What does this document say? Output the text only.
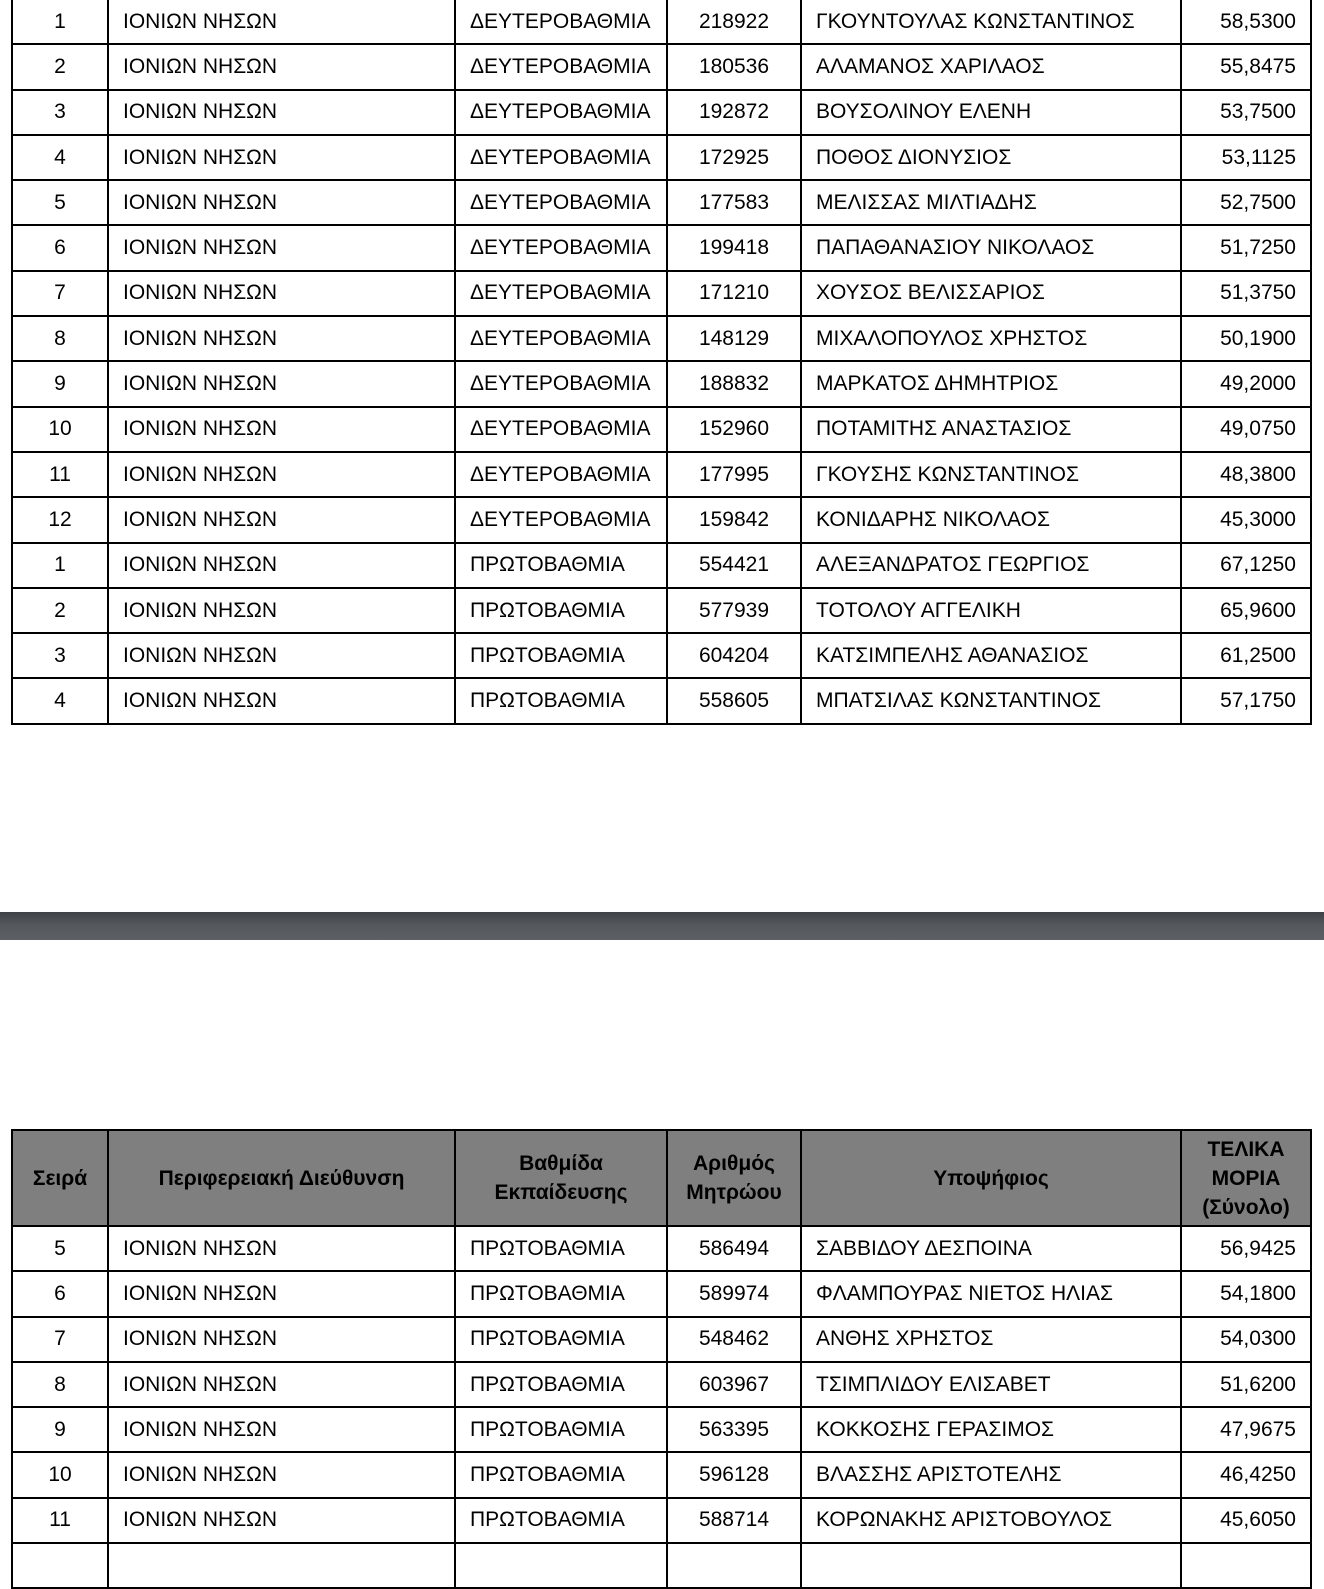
1	ΙΟΝΙΩΝ ΝΗΣΩΝ	ΔΕΥΤΕΡΟΒΑΘΜΙΑ	218922	ΓΚΟΥΝΤΟΥΛΑΣ ΚΩΝΣΤΑΝΤΙΝΟΣ	58,5300
2	ΙΟΝΙΩΝ ΝΗΣΩΝ	ΔΕΥΤΕΡΟΒΑΘΜΙΑ	180536	ΑΛΑΜΑΝΟΣ ΧΑΡΙΛΑΟΣ	55,8475
3	ΙΟΝΙΩΝ ΝΗΣΩΝ	ΔΕΥΤΕΡΟΒΑΘΜΙΑ	192872	ΒΟΥΣΟΛΙΝΟΥ ΕΛΕΝΗ	53,7500
4	ΙΟΝΙΩΝ ΝΗΣΩΝ	ΔΕΥΤΕΡΟΒΑΘΜΙΑ	172925	ΠΟΘΟΣ ΔΙΟΝΥΣΙΟΣ	53,1125
5	ΙΟΝΙΩΝ ΝΗΣΩΝ	ΔΕΥΤΕΡΟΒΑΘΜΙΑ	177583	ΜΕΛΙΣΣΑΣ ΜΙΛΤΙΑΔΗΣ	52,7500
6	ΙΟΝΙΩΝ ΝΗΣΩΝ	ΔΕΥΤΕΡΟΒΑΘΜΙΑ	199418	ΠΑΠΑΘΑΝΑΣΙΟΥ ΝΙΚΟΛΑΟΣ	51,7250
7	ΙΟΝΙΩΝ ΝΗΣΩΝ	ΔΕΥΤΕΡΟΒΑΘΜΙΑ	171210	ΧΟΥΣΟΣ ΒΕΛΙΣΣΑΡΙΟΣ	51,3750
8	ΙΟΝΙΩΝ ΝΗΣΩΝ	ΔΕΥΤΕΡΟΒΑΘΜΙΑ	148129	ΜΙΧΑΛΟΠΟΥΛΟΣ ΧΡΗΣΤΟΣ	50,1900
9	ΙΟΝΙΩΝ ΝΗΣΩΝ	ΔΕΥΤΕΡΟΒΑΘΜΙΑ	188832	ΜΑΡΚΑΤΟΣ ΔΗΜΗΤΡΙΟΣ	49,2000
10	ΙΟΝΙΩΝ ΝΗΣΩΝ	ΔΕΥΤΕΡΟΒΑΘΜΙΑ	152960	ΠΟΤΑΜΙΤΗΣ ΑΝΑΣΤΑΣΙΟΣ	49,0750
11	ΙΟΝΙΩΝ ΝΗΣΩΝ	ΔΕΥΤΕΡΟΒΑΘΜΙΑ	177995	ΓΚΟΥΣΗΣ ΚΩΝΣΤΑΝΤΙΝΟΣ	48,3800
12	ΙΟΝΙΩΝ ΝΗΣΩΝ	ΔΕΥΤΕΡΟΒΑΘΜΙΑ	159842	ΚΟΝΙΔΑΡΗΣ ΝΙΚΟΛΑΟΣ	45,3000
1	ΙΟΝΙΩΝ ΝΗΣΩΝ	ΠΡΩΤΟΒΑΘΜΙΑ	554421	ΑΛΕΞΑΝΔΡΑΤΟΣ ΓΕΩΡΓΙΟΣ	67,1250
2	ΙΟΝΙΩΝ ΝΗΣΩΝ	ΠΡΩΤΟΒΑΘΜΙΑ	577939	ΤΟΤΟΛΟΥ ΑΓΓΕΛΙΚΗ	65,9600
3	ΙΟΝΙΩΝ ΝΗΣΩΝ	ΠΡΩΤΟΒΑΘΜΙΑ	604204	ΚΑΤΣΙΜΠΕΛΗΣ ΑΘΑΝΑΣΙΟΣ	61,2500
4	ΙΟΝΙΩΝ ΝΗΣΩΝ	ΠΡΩΤΟΒΑΘΜΙΑ	558605	ΜΠΑΤΣΙΛΑΣ ΚΩΝΣΤΑΝΤΙΝΟΣ	57,1750
Σειρά	Περιφερειακή Διεύθυνση	Βαθμίδα Εκπαίδευσης	Αριθμός Μητρώου	Υποψήφιος	ΤΕΛΙΚΑ ΜΟΡΙΑ (Σύνολο)
5	ΙΟΝΙΩΝ ΝΗΣΩΝ	ΠΡΩΤΟΒΑΘΜΙΑ	586494	ΣΑΒΒΙΔΟΥ ΔΕΣΠΟΙΝΑ	56,9425
6	ΙΟΝΙΩΝ ΝΗΣΩΝ	ΠΡΩΤΟΒΑΘΜΙΑ	589974	ΦΛΑΜΠΟΥΡΑΣ ΝΙΕΤΟΣ ΗΛΙΑΣ	54,1800
7	ΙΟΝΙΩΝ ΝΗΣΩΝ	ΠΡΩΤΟΒΑΘΜΙΑ	548462	ΑΝΘΗΣ ΧΡΗΣΤΟΣ	54,0300
8	ΙΟΝΙΩΝ ΝΗΣΩΝ	ΠΡΩΤΟΒΑΘΜΙΑ	603967	ΤΣΙΜΠΛΙΔΟΥ ΕΛΙΣΑΒΕΤ	51,6200
9	ΙΟΝΙΩΝ ΝΗΣΩΝ	ΠΡΩΤΟΒΑΘΜΙΑ	563395	ΚΟΚΚΟΣΗΣ ΓΕΡΑΣΙΜΟΣ	47,9675
10	ΙΟΝΙΩΝ ΝΗΣΩΝ	ΠΡΩΤΟΒΑΘΜΙΑ	596128	ΒΛΑΣΣΗΣ ΑΡΙΣΤΟΤΕΛΗΣ	46,4250
11	ΙΟΝΙΩΝ ΝΗΣΩΝ	ΠΡΩΤΟΒΑΘΜΙΑ	588714	ΚΟΡΩΝΑΚΗΣ ΑΡΙΣΤΟΒΟΥΛΟΣ	45,6050
